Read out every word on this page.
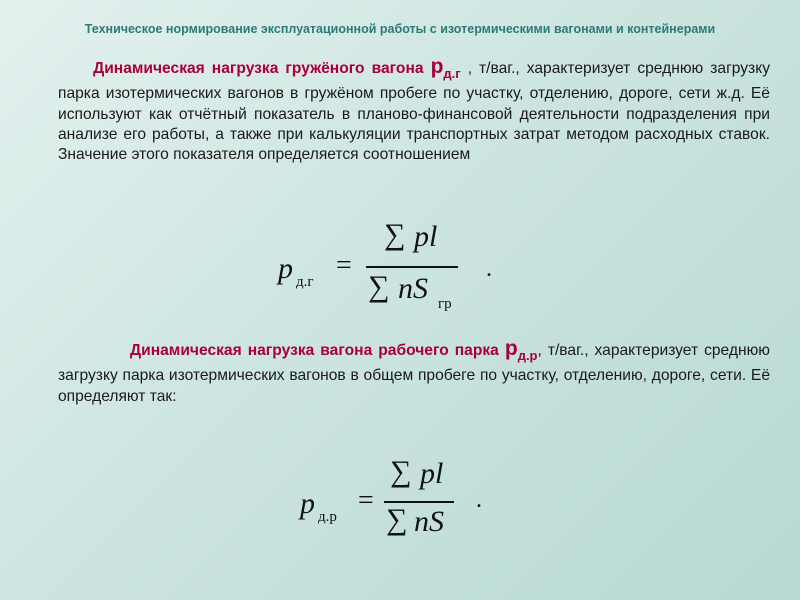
Техническое нормирование эксплуатационной работы с изотермическими вагонами и контейнерами

Динамическая нагрузка гружёного вагона $p_{д.г}$ , т/ваг., характеризует среднюю загрузку парка изотермических вагонов в гружёном пробеге по участку, отделению, дороге, сети ж.д. Её используют как отчётный показатель в планово-финансовой деятельности подразделения при анализе его работы, а также при калькуляции транспортных затрат методом расходных ставок. Значение этого показателя определяется соотношением

p д.г
=
∑ pl
∑ nS гр
.

Динамическая нагрузка вагона рабочего парка $p_{д.р}$, т/ваг., характеризует среднюю загрузку парка изотермических вагонов в общем пробеге по участку, отделению, дороге, сети. Её определяют так:

p д.р
=
∑ pl
∑ nS
.
